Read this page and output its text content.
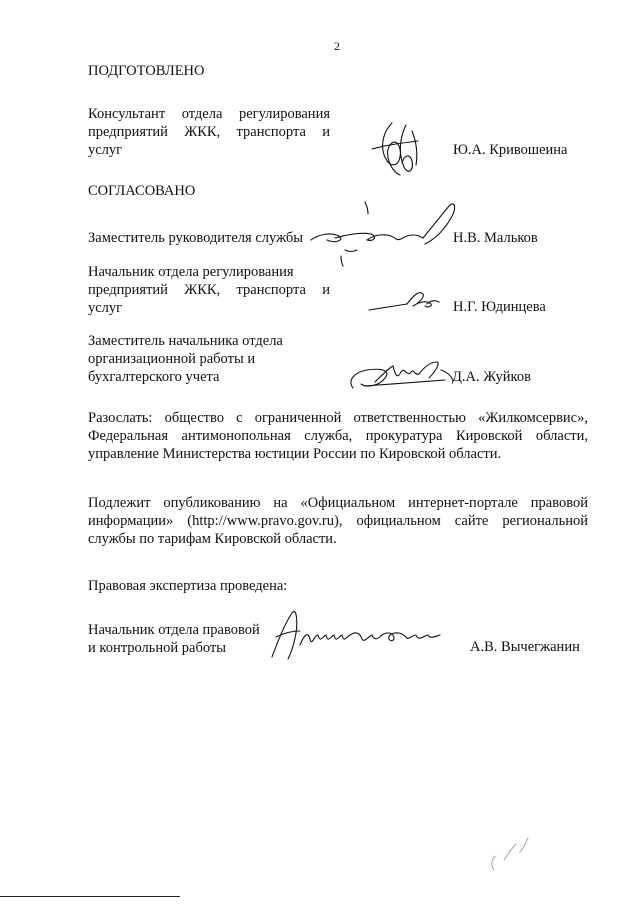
2
ПОДГОТОВЛЕНО
Консультант отдела регулирования
предприятий ЖКК, транспорта и
услуг	Ю.А. Кривошеина
СОГЛАСОВАНО
Заместитель руководителя службы	Н.В. Мальков
Начальник отдела регулирования
предприятий ЖКК, транспорта и
услуг	Н.Г. Юдинцева
Заместитель начальника отдела
организационной работы и
бухгалтерского учета	Д.А. Жуйков
Разослать: общество с ограниченной ответственностью «Жилкомсервис»,
Федеральная антимонопольная служба, прокуратура Кировской области,
управление Министерства юстиции России по Кировской области.
Подлежит опубликованию на «Официальном интернет-портале правовой
информации» (http://www.pravo.gov.ru), официальном сайте региональной
службы по тарифам Кировской области.
Правовая экспертиза проведена:
Начальник отдела правовой
и контрольной работы	А.В. Вычегжанин
